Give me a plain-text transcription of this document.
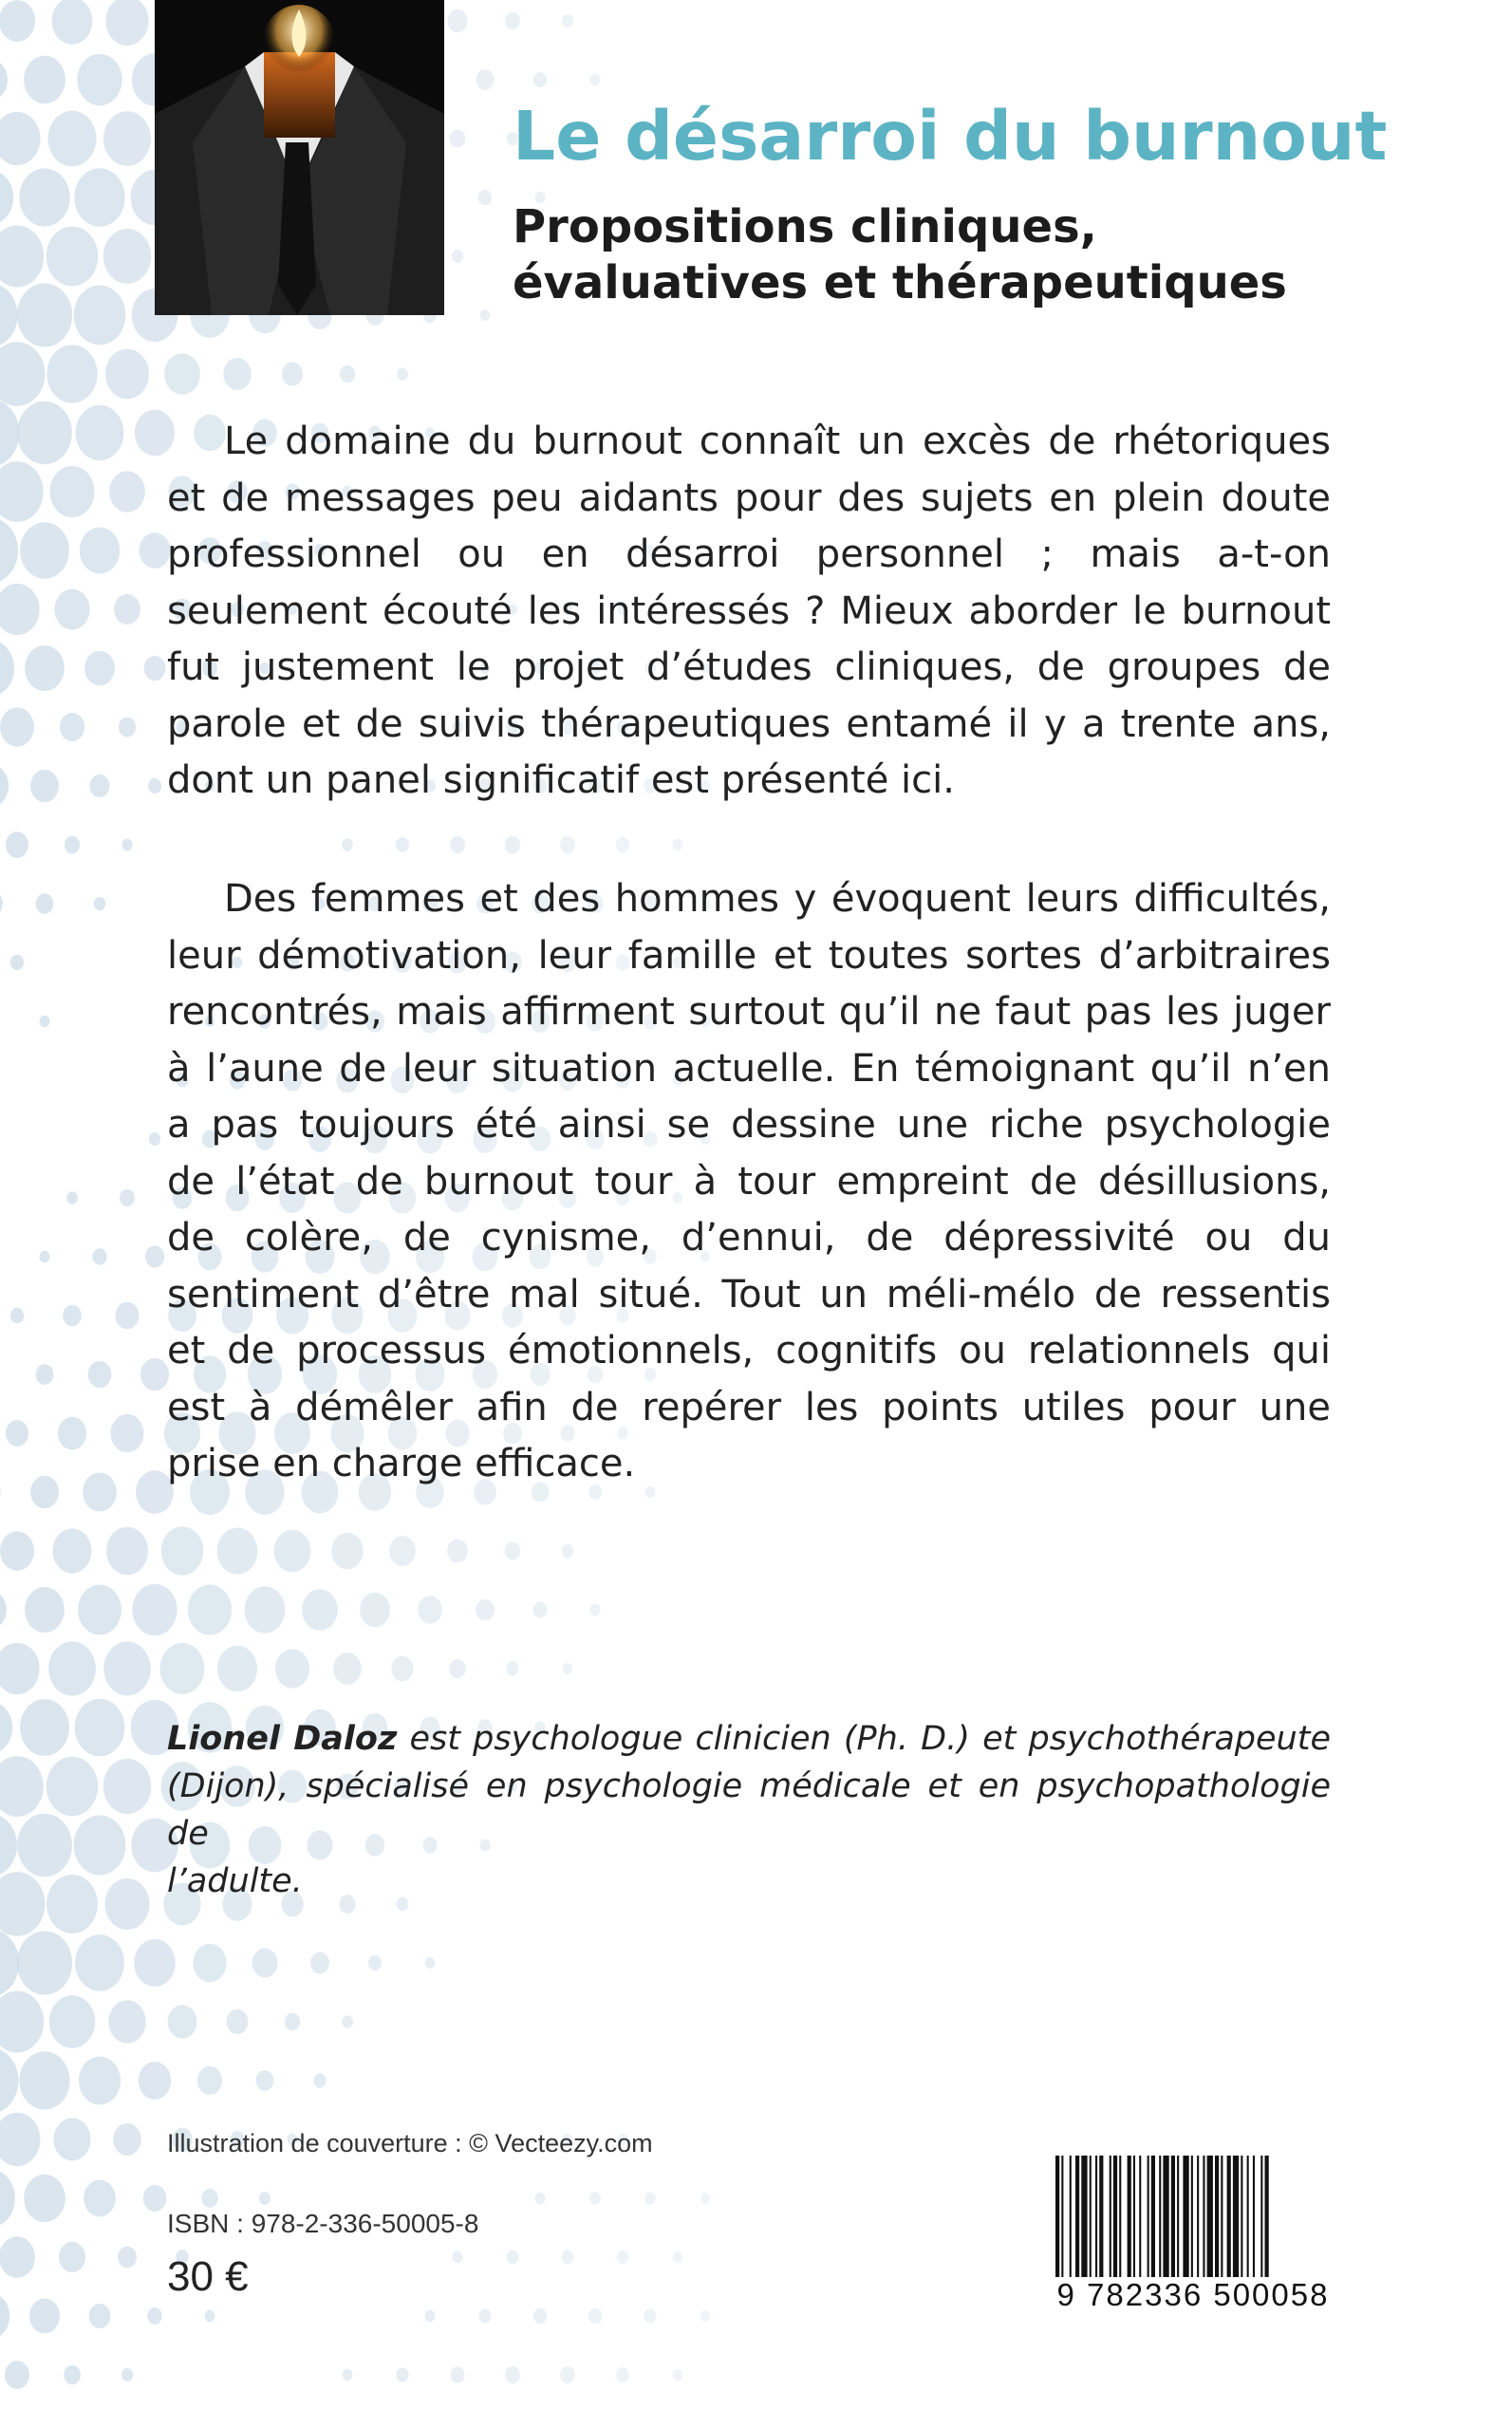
Le désarroi du burnout
Propositions cliniques,
évaluatives et thérapeutiques
Le domaine du burnout connaît un excès de rhétoriques
et de messages peu aidants pour des sujets en plein doute
professionnel ou en désarroi personnel ; mais a-t-on
seulement écouté les intéressés ? Mieux aborder le burnout
fut justement le projet d’études cliniques, de groupes de
parole et de suivis thérapeutiques entamé il y a trente ans,
dont un panel significatif est présenté ici.
Des femmes et des hommes y évoquent leurs difficultés,
leur démotivation, leur famille et toutes sortes d’arbitraires
rencontrés, mais affirment surtout qu’il ne faut pas les juger
à l’aune de leur situation actuelle. En témoignant qu’il n’en
a pas toujours été ainsi se dessine une riche psychologie
de l’état de burnout tour à tour empreint de désillusions,
de colère, de cynisme, d’ennui, de dépressivité ou du
sentiment d’être mal situé. Tout un méli-mélo de ressentis
et de processus émotionnels, cognitifs ou relationnels qui
est à démêler afin de repérer les points utiles pour une
prise en charge efficace.
Lionel Daloz est psychologue clinicien (Ph. D.) et psychothérapeute
(Dijon), spécialisé en psychologie médicale et en psychopathologie de
l’adulte.
Illustration de couverture : © Vecteezy.com
ISBN : 978-2-336-50005-8
30 €	9 782336 500058
